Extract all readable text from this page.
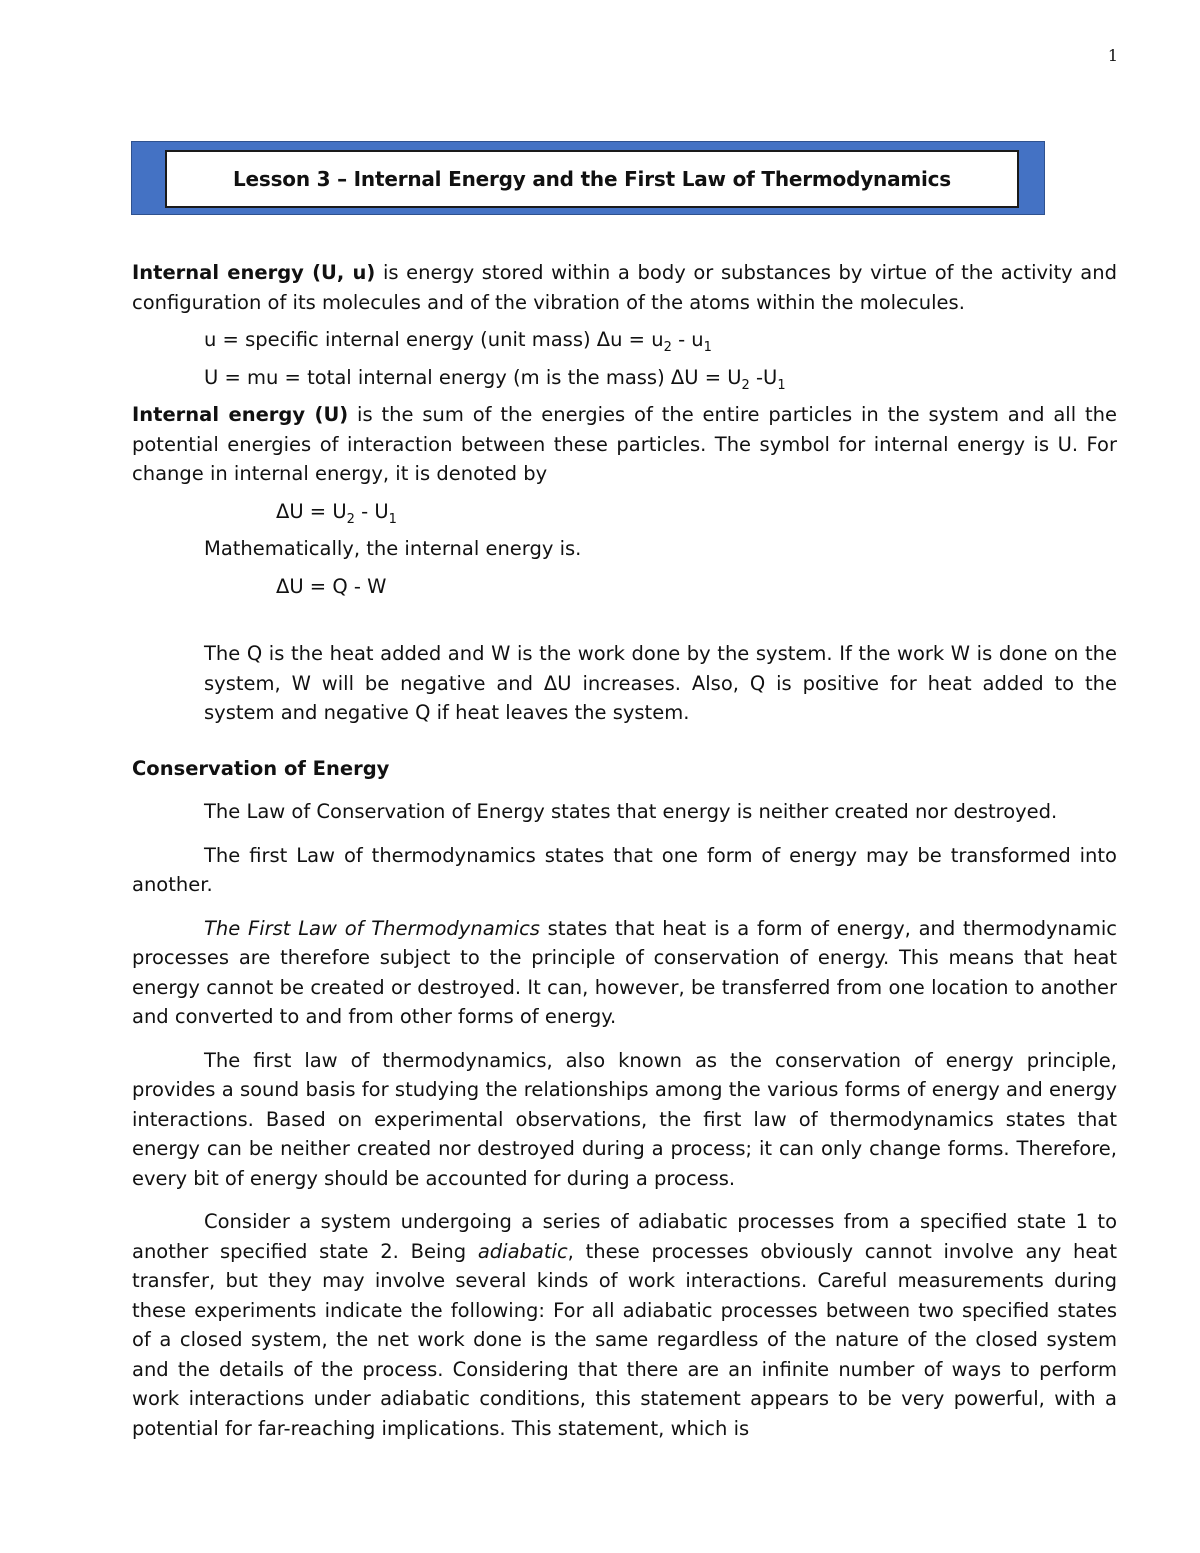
1
Lesson 3 – Internal Energy and the First Law of Thermodynamics

Internal energy (U, u) is energy stored within a body or substances by virtue of the activity and configuration of its molecules and of the vibration of the atoms within the molecules.

u = specific internal energy (unit mass) $\Delta u = u_2 - u_1$

U = mu = total internal energy (m is the mass) $\Delta U = U_2$ $-U_1$

Internal energy (U) is the sum of the energies of the entire particles in the system and all the potential energies of interaction between these particles. The symbol for internal energy is U. For change in internal energy, it is denoted by

$\Delta U = U_2 - U_1$

Mathematically, the internal energy is.

ΔU = Q - W

The Q is the heat added and W is the work done by the system. If the work W is done on the system, W will be negative and ΔU increases. Also, Q is positive for heat added to the system and negative Q if heat leaves the system.

Conservation of Energy

The Law of Conservation of Energy states that energy is neither created nor destroyed.

The first Law of thermodynamics states that one form of energy may be transformed into another.

The First Law of Thermodynamics states that heat is a form of energy, and thermodynamic processes are therefore subject to the principle of conservation of energy. This means that heat energy cannot be created or destroyed. It can, however, be transferred from one location to another and converted to and from other forms of energy.

The first law of thermodynamics, also known as the conservation of energy principle, provides a sound basis for studying the relationships among the various forms of energy and energy interactions. Based on experimental observations, the first law of thermodynamics states that energy can be neither created nor destroyed during a process; it can only change forms. Therefore, every bit of energy should be accounted for during a process.

Consider a system undergoing a series of adiabatic processes from a specified state 1 to another specified state 2. Being adiabatic, these processes obviously cannot involve any heat transfer, but they may involve several kinds of work interactions. Careful measurements during these experiments indicate the following: For all adiabatic processes between two specified states of a closed system, the net work done is the same regardless of the nature of the closed system and the details of the process. Considering that there are an infinite number of ways to perform work interactions under adiabatic conditions, this statement appears to be very powerful, with a potential for far-reaching implications. This statement, which is
